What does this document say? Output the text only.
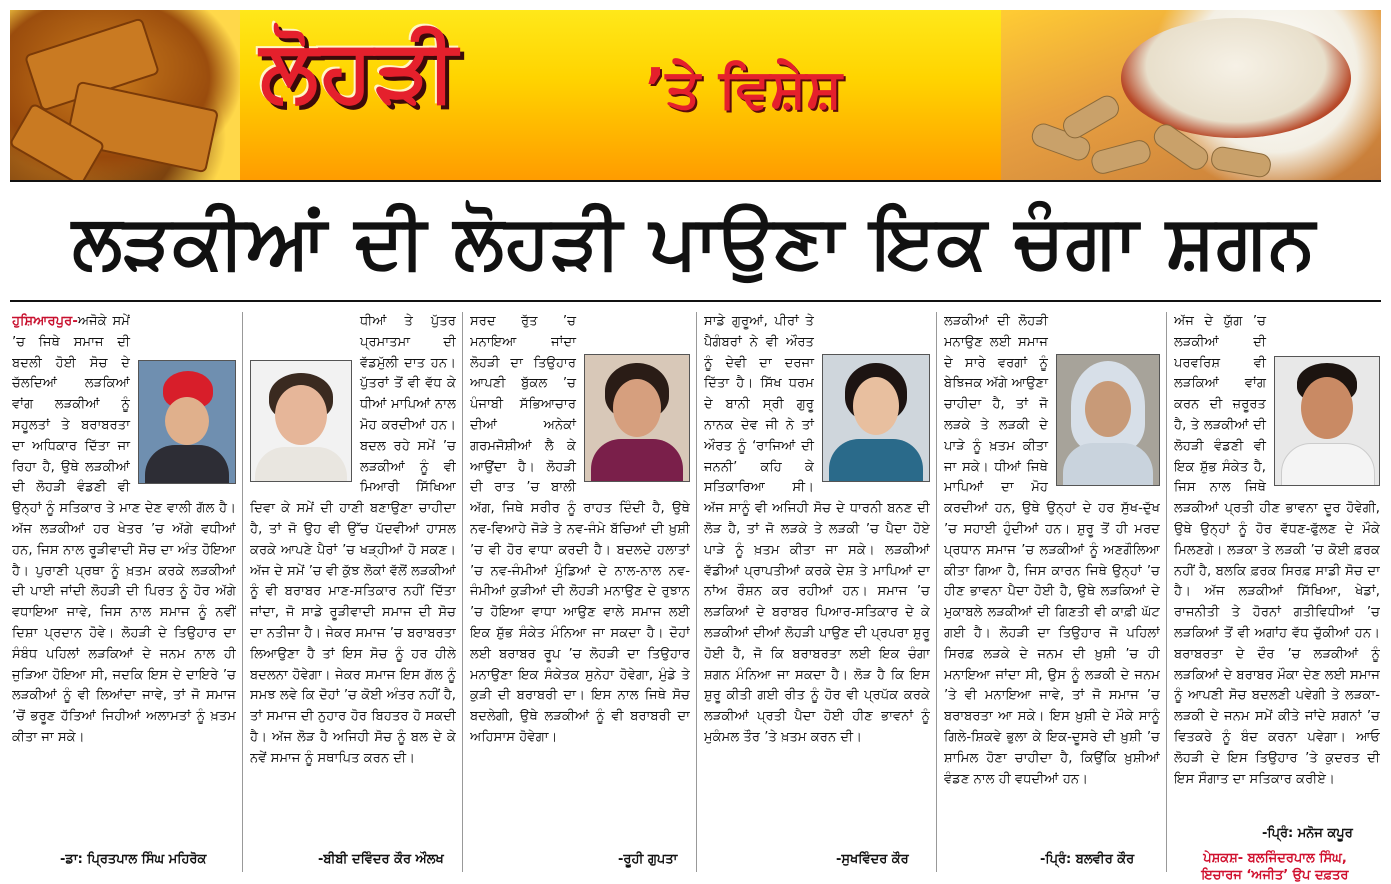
ਲੋਹੜੀ	’ਤੇ ਵਿਸ਼ੇਸ਼
ਲੜਕੀਆਂ ਦੀ ਲੋਹੜੀ ਪਾਉਣਾ ਇਕ ਚੰਗਾ ਸ਼ਗਨ

ਹੁਸ਼ਿਆਰਪੁਰ-ਅਜੋਕੇ ਸਮੇਂ ’ਚ ਜਿਥੇ ਸਮਾਜ ਦੀ ਬਦਲੀ ਹੋਈ ਸੋਚ ਦੇ ਚੱਲਦਿਆਂ ਲੜਕਿਆਂ ਵਾਂਗ ਲੜਕੀਆਂ ਨੂੰ ਸਹੂਲਤਾਂ ਤੇ ਬਰਾਬਰਤਾ ਦਾ ਅਧਿਕਾਰ ਦਿੱਤਾ ਜਾ ਰਿਹਾ ਹੈ, ਉਥੇ ਲੜਕੀਆਂ ਦੀ ਲੋਹੜੀ ਵੰਡਣੀ ਵੀ ਉਨ੍ਹਾਂ ਨੂੰ ਸਤਿਕਾਰ ਤੇ ਮਾਣ ਦੇਣ ਵਾਲੀ ਗੱਲ ਹੈ। ਅੱਜ ਲੜਕੀਆਂ ਹਰ ਖੇਤਰ ’ਚ ਅੱਗੇ ਵਧੀਆਂ ਹਨ, ਜਿਸ ਨਾਲ ਰੂੜੀਵਾਦੀ ਸੋਚ ਦਾ ਅੰਤ ਹੋਇਆ ਹੈ। ਪੁਰਾਣੀ ਪ੍ਰਥਾ ਨੂੰ ਖ਼ਤਮ ਕਰਕੇ ਲੜਕੀਆਂ ਦੀ ਪਾਈ ਜਾਂਦੀ ਲੋਹੜੀ ਦੀ ਪਿਰਤ ਨੂੰ ਹੋਰ ਅੱਗੇ ਵਧਾਇਆ ਜਾਵੇ, ਜਿਸ ਨਾਲ ਸਮਾਜ ਨੂੰ ਨਵੀਂ ਦਿਸ਼ਾ ਪ੍ਰਦਾਨ ਹੋਵੇ। ਲੋਹੜੀ ਦੇ ਤਿਉਹਾਰ ਦਾ ਸੰਬੰਧ ਪਹਿਲਾਂ ਲੜਕਿਆਂ ਦੇ ਜਨਮ ਨਾਲ ਹੀ ਜੁੜਿਆ ਹੋਇਆ ਸੀ, ਜਦਕਿ ਇਸ ਦੇ ਦਾਇਰੇ ’ਚ ਲੜਕੀਆਂ ਨੂੰ ਵੀ ਲਿਆਂਦਾ ਜਾਵੇ, ਤਾਂ ਜੋ ਸਮਾਜ ’ਚੋਂ ਭਰੂਣ ਹੱਤਿਆਂ ਜਿਹੀਆਂ ਅਲਾਮਤਾਂ ਨੂੰ ਖ਼ਤਮ ਕੀਤਾ ਜਾ ਸਕੇ।

-ਡਾ: ਪ੍ਰਿਤਪਾਲ ਸਿੰਘ ਮਹਿਰੋਕ

ਧੀਆਂ ਤੇ ਪੁੱਤਰ ਪ੍ਰਮਾਤਮਾ ਦੀ ਵੱਡਮੁੱਲੀ ਦਾਤ ਹਨ। ਪੁੱਤਰਾਂ ਤੋਂ ਵੀ ਵੱਧ ਕੇ ਧੀਆਂ ਮਾਪਿਆਂ ਨਾਲ ਮੋਹ ਕਰਦੀਆਂ ਹਨ। ਬਦਲ ਰਹੇ ਸਮੇਂ ’ਚ ਲੜਕੀਆਂ ਨੂੰ ਵੀ ਮਿਆਰੀ ਸਿੱਖਿਆ ਦਿਵਾ ਕੇ ਸਮੇਂ ਦੀ ਹਾਣੀ ਬਣਾਉਣਾ ਚਾਹੀਦਾ ਹੈ, ਤਾਂ ਜੋ ਉਹ ਵੀ ਉੱਚ ਪੱਦਵੀਆਂ ਹਾਸਲ ਕਰਕੇ ਆਪਣੇ ਪੈਰਾਂ ’ਚ ਖੜ੍ਹੀਆਂ ਹੋ ਸਕਣ। ਅੱਜ ਦੇ ਸਮੇਂ ’ਚ ਵੀ ਕੁੱਝ ਲੋਕਾਂ ਵੱਲੋਂ ਲੜਕੀਆਂ ਨੂੰ ਵੀ ਬਰਾਬਰ ਮਾਣ-ਸਤਿਕਾਰ ਨਹੀਂ ਦਿੱਤਾ ਜਾਂਦਾ, ਜੋ ਸਾਡੇ ਰੂੜੀਵਾਦੀ ਸਮਾਜ ਦੀ ਸੋਚ ਦਾ ਨਤੀਜਾ ਹੈ। ਜੇਕਰ ਸਮਾਜ ’ਚ ਬਰਾਬਰਤਾ ਲਿਆਉਣਾ ਹੈ ਤਾਂ ਇਸ ਸੋਚ ਨੂੰ ਹਰ ਹੀਲੇ ਬਦਲਨਾ ਹੋਵੇਗਾ। ਜੇਕਰ ਸਮਾਜ ਇਸ ਗੱਲ ਨੂੰ ਸਮਝ ਲਵੇ ਕਿ ਦੋਹਾਂ ’ਚ ਕੋਈ ਅੰਤਰ ਨਹੀਂ ਹੈ, ਤਾਂ ਸਮਾਜ ਦੀ ਨੁਹਾਰ ਹੋਰ ਬਿਹਤਰ ਹੋ ਸਕਦੀ ਹੈ। ਅੱਜ ਲੋੜ ਹੈ ਅਜਿਹੀ ਸੋਚ ਨੂੰ ਬਲ ਦੇ ਕੇ ਨਵੇਂ ਸਮਾਜ ਨੂੰ ਸਥਾਪਿਤ ਕਰਨ ਦੀ।

-ਬੀਬੀ ਦਵਿੰਦਰ ਕੌਰ ਔਲਖ

ਸਰਦ ਰੁੱਤ ’ਚ ਮਨਾਇਆ ਜਾਂਦਾ ਲੋਹੜੀ ਦਾ ਤਿਉਹਾਰ ਆਪਣੀ ਬੁੱਕਲ ’ਚ ਪੰਜਾਬੀ ਸੱਭਿਆਚਾਰ ਦੀਆਂ ਅਨੇਕਾਂ ਗਰਮਜੋਸ਼ੀਆਂ ਲੈ ਕੇ ਆਉਂਦਾ ਹੈ। ਲੋਹੜੀ ਦੀ ਰਾਤ ’ਚ ਬਾਲੀ ਅੱਗ, ਜਿਥੇ ਸਰੀਰ ਨੂੰ ਰਾਹਤ ਦਿੰਦੀ ਹੈ, ਉਥੇ ਨਵ-ਵਿਆਹੇ ਜੋੜੇ ਤੇ ਨਵ-ਜੰਮੇ ਬੱਚਿਆਂ ਦੀ ਖ਼ੁਸ਼ੀ ’ਚ ਵੀ ਹੋਰ ਵਾਧਾ ਕਰਦੀ ਹੈ। ਬਦਲਦੇ ਹਲਾਤਾਂ ’ਚ ਨਵ-ਜੰਮੀਆਂ ਮੁੰਡਿਆਂ ਦੇ ਨਾਲ-ਨਾਲ ਨਵ-ਜੰਮੀਆਂ ਕੁੜੀਆਂ ਦੀ ਲੋਹੜੀ ਮਨਾਉਣ ਦੇ ਰੁਝਾਨ ’ਚ ਹੋਇਆ ਵਾਧਾ ਆਉਣ ਵਾਲੇ ਸਮਾਜ ਲਈ ਇਕ ਸ਼ੁੱਭ ਸੰਕੇਤ ਮੰਨਿਆ ਜਾ ਸਕਦਾ ਹੈ। ਦੋਹਾਂ ਲਈ ਬਰਾਬਰ ਰੂਪ ’ਚ ਲੋਹੜੀ ਦਾ ਤਿਉਹਾਰ ਮਨਾਉਣਾ ਇਕ ਸੰਕੇਤਕ ਸੁਨੇਹਾ ਹੋਵੇਗਾ, ਮੁੰਡੇ ਤੇ ਕੁੜੀ ਦੀ ਬਰਾਬਰੀ ਦਾ। ਇਸ ਨਾਲ ਜਿਥੇ ਸੋਚ ਬਦਲੇਗੀ, ਉਥੇ ਲੜਕੀਆਂ ਨੂੰ ਵੀ ਬਰਾਬਰੀ ਦਾ ਅਹਿਸਾਸ ਹੋਵੇਗਾ।

-ਰੂਹੀ ਗੁਪਤਾ

ਸਾਡੇ ਗੁਰੂਆਂ, ਪੀਰਾਂ ਤੇ ਪੈਗੰਬਰਾਂ ਨੇ ਵੀ ਔਰਤ ਨੂੰ ਦੇਵੀ ਦਾ ਦਰਜਾ ਦਿੱਤਾ ਹੈ। ਸਿੱਖ ਧਰਮ ਦੇ ਬਾਨੀ ਸ੍ਰੀ ਗੁਰੂ ਨਾਨਕ ਦੇਵ ਜੀ ਨੇ ਤਾਂ ਔਰਤ ਨੂੰ ‘ਰਾਜਿਆਂ ਦੀ ਜਨਨੀ’ ਕਹਿ ਕੇ ਸਤਿਕਾਰਿਆ ਸੀ। ਅੱਜ ਸਾਨੂੰ ਵੀ ਅਜਿਹੀ ਸੋਚ ਦੇ ਧਾਰਨੀ ਬਨਣ ਦੀ ਲੋੜ ਹੈ, ਤਾਂ ਜੋ ਲੜਕੇ ਤੇ ਲੜਕੀ ’ਚ ਪੈਦਾ ਹੋਏ ਪਾੜੇ ਨੂੰ ਖ਼ਤਮ ਕੀਤਾ ਜਾ ਸਕੇ। ਲੜਕੀਆਂ ਵੱਡੀਆਂ ਪ੍ਰਾਪਤੀਆਂ ਕਰਕੇ ਦੇਸ਼ ਤੇ ਮਾਪਿਆਂ ਦਾ ਨਾਂਅ ਰੌਸ਼ਨ ਕਰ ਰਹੀਆਂ ਹਨ। ਸਮਾਜ ’ਚ ਲੜਕਿਆਂ ਦੇ ਬਰਾਬਰ ਪਿਆਰ-ਸਤਿਕਾਰ ਦੇ ਕੇ ਲੜਕੀਆਂ ਦੀਆਂ ਲੋਹੜੀ ਪਾਉਣ ਦੀ ਪ੍ਰਪਰਾ ਸ਼ੁਰੂ ਹੋਈ ਹੈ, ਜੋ ਕਿ ਬਰਾਬਰਤਾ ਲਈ ਇਕ ਚੰਗਾ ਸ਼ਗਨ ਮੰਨਿਆ ਜਾ ਸਕਦਾ ਹੈ। ਲੋੜ ਹੈ ਕਿ ਇਸ ਸ਼ੁਰੂ ਕੀਤੀ ਗਈ ਰੀਤ ਨੂੰ ਹੋਰ ਵੀ ਪ੍ਰਪੱਕ ਕਰਕੇ ਲੜਕੀਆਂ ਪ੍ਰਤੀ ਪੈਦਾ ਹੋਈ ਹੀਣ ਭਾਵਨਾਂ ਨੂੰ ਮੁਕੰਮਲ ਤੌਰ ’ਤੇ ਖ਼ਤਮ ਕਰਨ ਦੀ।

-ਸੁਖਵਿੰਦਰ ਕੌਰ

ਲੜਕੀਆਂ ਦੀ ਲੋਹੜੀ ਮਨਾਉਣ ਲਈ ਸਮਾਜ ਦੇ ਸਾਰੇ ਵਰਗਾਂ ਨੂੰ ਬੇਝਿਜਕ ਅੱਗੇ ਆਉਣਾ ਚਾਹੀਦਾ ਹੈ, ਤਾਂ ਜੋ ਲੜਕੇ ਤੇ ਲੜਕੀ ਦੇ ਪਾੜੇ ਨੂੰ ਖ਼ਤਮ ਕੀਤਾ ਜਾ ਸਕੇ। ਧੀਆਂ ਜਿਥੇ ਮਾਪਿਆਂ ਦਾ ਮੋਹ ਕਰਦੀਆਂ ਹਨ, ਉਥੇ ਉਨ੍ਹਾਂ ਦੇ ਹਰ ਸੁੱਖ-ਦੁੱਖ ’ਚ ਸਹਾਈ ਹੁੰਦੀਆਂ ਹਨ। ਸ਼ੁਰੂ ਤੋਂ ਹੀ ਮਰਦ ਪ੍ਰਧਾਨ ਸਮਾਜ ’ਚ ਲੜਕੀਆਂ ਨੂੰ ਅਣਗੌਲਿਆ ਕੀਤਾ ਗਿਆ ਹੈ, ਜਿਸ ਕਾਰਨ ਜਿਥੇ ਉਨ੍ਹਾਂ ’ਚ ਹੀਣ ਭਾਵਨਾ ਪੈਦਾ ਹੋਈ ਹੈ, ਉਥੇ ਲੜਕਿਆਂ ਦੇ ਮੁਕਾਬਲੇ ਲੜਕੀਆਂ ਦੀ ਗਿਣਤੀ ਵੀ ਕਾਫ਼ੀ ਘੱਟ ਗਈ ਹੈ। ਲੋਹੜੀ ਦਾ ਤਿਉਹਾਰ ਜੋ ਪਹਿਲਾਂ ਸਿਰਫ਼ ਲੜਕੇ ਦੇ ਜਨਮ ਦੀ ਖ਼ੁਸ਼ੀ ’ਚ ਹੀ ਮਨਾਇਆ ਜਾਂਦਾ ਸੀ, ਉਸ ਨੂੰ ਲੜਕੀ ਦੇ ਜਨਮ ’ਤੇ ਵੀ ਮਨਾਇਆ ਜਾਵੇ, ਤਾਂ ਜੋ ਸਮਾਜ ’ਚ ਬਰਾਬਰਤਾ ਆ ਸਕੇ। ਇਸ ਖ਼ੁਸ਼ੀ ਦੇ ਮੌਕੇ ਸਾਨੂੰ ਗਿਲੇ-ਸ਼ਿਕਵੇ ਭੁਲਾ ਕੇ ਇਕ-ਦੂਸਰੇ ਦੀ ਖ਼ੁਸ਼ੀ ’ਚ ਸ਼ਾਮਿਲ ਹੋਣਾ ਚਾਹੀਦਾ ਹੈ, ਕਿਉਂਕਿ ਖ਼ੁਸ਼ੀਆਂ ਵੰਡਣ ਨਾਲ ਹੀ ਵਧਦੀਆਂ ਹਨ।

-ਪ੍ਰਿੰ: ਬਲਵੀਰ ਕੌਰ

ਅੱਜ ਦੇ ਯੁੱਗ ’ਚ ਲੜਕੀਆਂ ਦੀ ਪਰਵਰਿਸ਼ ਵੀ ਲੜਕਿਆਂ ਵਾਂਗ ਕਰਨ ਦੀ ਜ਼ਰੂਰਤ ਹੈ, ਤੇ ਲੜਕੀਆਂ ਦੀ ਲੋਹੜੀ ਵੰਡਣੀ ਵੀ ਇਕ ਸ਼ੁੱਭ ਸੰਕੇਤ ਹੈ, ਜਿਸ ਨਾਲ ਜਿਥੇ ਲੜਕੀਆਂ ਪ੍ਰਤੀ ਹੀਣ ਭਾਵਨਾ ਦੂਰ ਹੋਵੇਗੀ, ਉਥੇ ਉਨ੍ਹਾਂ ਨੂੰ ਹੋਰ ਵੱਧਣ-ਫੁੱਲਣ ਦੇ ਮੌਕੇ ਮਿਲਣਗੇ। ਲੜਕਾ ਤੇ ਲੜਕੀ ’ਚ ਕੋਈ ਫ਼ਰਕ ਨਹੀਂ ਹੈ, ਬਲਕਿ ਫ਼ਰਕ ਸਿਰਫ਼ ਸਾਡੀ ਸੋਚ ਦਾ ਹੈ। ਅੱਜ ਲੜਕੀਆਂ ਸਿੱਖਿਆ, ਖੇਡਾਂ, ਰਾਜਨੀਤੀ ਤੇ ਹੋਰਨਾਂ ਗਤੀਵਿਧੀਆਂ ’ਚ ਲੜਕਿਆਂ ਤੋਂ ਵੀ ਅਗਾਂਹ ਵੱਧ ਚੁੱਕੀਆਂ ਹਨ। ਬਰਾਬਰਤਾ ਦੇ ਦੌਰ ’ਚ ਲੜਕੀਆਂ ਨੂੰ ਲੜਕਿਆਂ ਦੇ ਬਰਾਬਰ ਮੌਕਾ ਦੇਣ ਲਈ ਸਮਾਜ ਨੂੰ ਆਪਣੀ ਸੋਚ ਬਦਲਣੀ ਪਵੇਗੀ ਤੇ ਲੜਕਾ-ਲੜਕੀ ਦੇ ਜਨਮ ਸਮੇਂ ਕੀਤੇ ਜਾਂਦੇ ਸ਼ਗਨਾਂ ’ਚ ਵਿਤਕਰੇ ਨੂੰ ਬੰਦ ਕਰਨਾ ਪਵੇਗਾ। ਆਓ ਲੋਹੜੀ ਦੇ ਇਸ ਤਿਉਹਾਰ ’ਤੇ ਕੁਦਰਤ ਦੀ ਇਸ ਸੌਗਾਤ ਦਾ ਸਤਿਕਾਰ ਕਰੀਏ।

-ਪ੍ਰਿੰ: ਮਨੋਜ ਕਪੂਰ
ਪੇਸ਼ਕਸ਼- ਬਲਜਿੰਦਰਪਾਲ ਸਿੰਘ,
ਇਚਾਰਜ ‘ਅਜੀਤ’ ਉਪ ਦਫ਼ਤਰ
